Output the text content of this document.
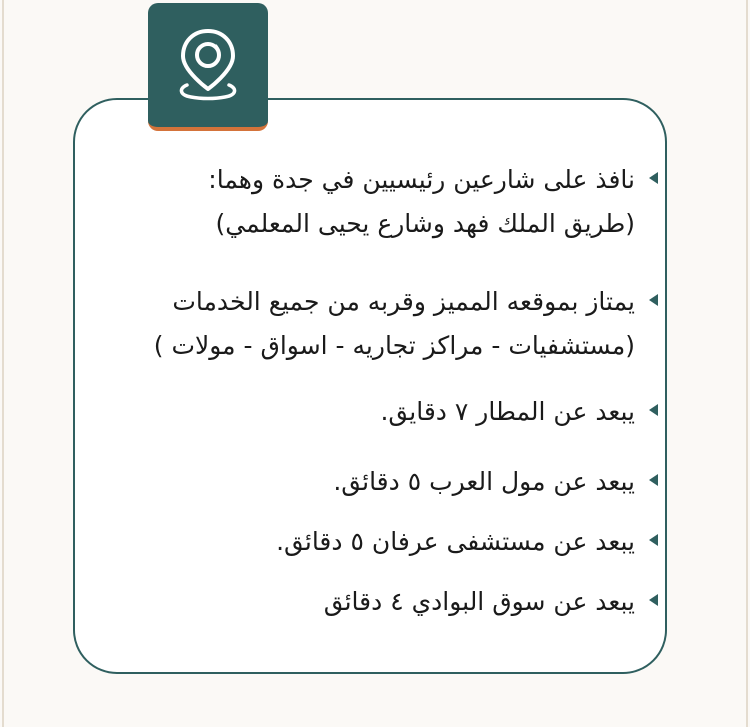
نافذ على شارعين رئيسيين في جدة وهما:
(طريق الملك فهد وشارع يحيى المعلمي)
يمتاز بموقعه المميز وقربه من جميع الخدمات
(مستشفيات - مراكز تجاريه - اسواق - مولات )
يبعد عن المطار ٧ دقايق.
يبعد عن مول العرب ٥ دقائق.
يبعد عن مستشفى عرفان ٥ دقائق.
يبعد عن سوق البوادي ٤ دقائق
